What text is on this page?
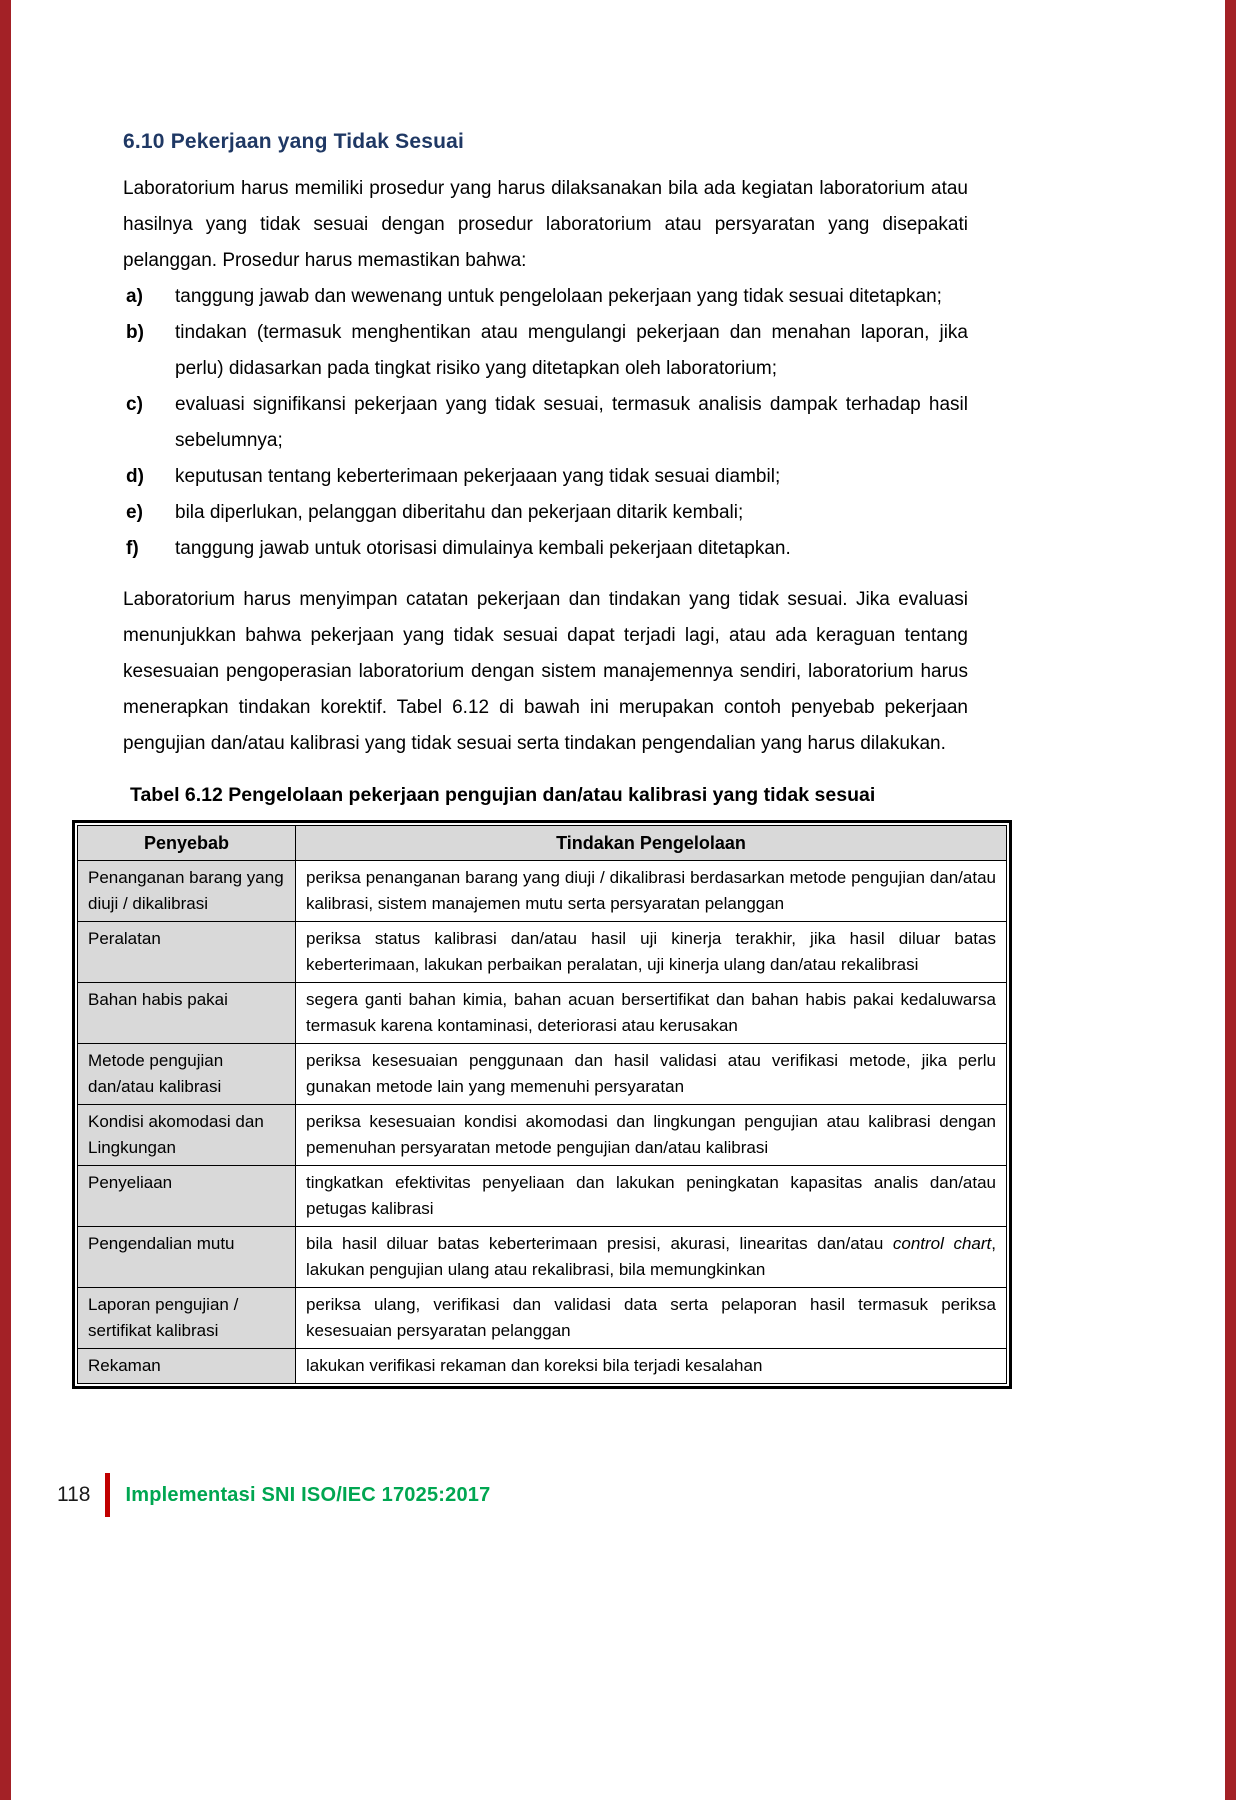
6.10 Pekerjaan yang Tidak Sesuai

Laboratorium harus memiliki prosedur yang harus dilaksanakan bila ada kegiatan laboratorium atau hasilnya yang tidak sesuai dengan prosedur laboratorium atau persyaratan yang disepakati pelanggan. Prosedur harus memastikan bahwa:

a) tanggung jawab dan wewenang untuk pengelolaan pekerjaan yang tidak sesuai ditetapkan;
b) tindakan (termasuk menghentikan atau mengulangi pekerjaan dan menahan laporan, jika perlu) didasarkan pada tingkat risiko yang ditetapkan oleh laboratorium;
c) evaluasi signifikansi pekerjaan yang tidak sesuai, termasuk analisis dampak terhadap hasil sebelumnya;
d) keputusan tentang keberterimaan pekerjaaan yang tidak sesuai diambil;
e) bila diperlukan, pelanggan diberitahu dan pekerjaan ditarik kembali;
f) tanggung jawab untuk otorisasi dimulainya kembali pekerjaan ditetapkan.

Laboratorium harus menyimpan catatan pekerjaan dan tindakan yang tidak sesuai. Jika evaluasi menunjukkan bahwa pekerjaan yang tidak sesuai dapat terjadi lagi, atau ada keraguan tentang kesesuaian pengoperasian laboratorium dengan sistem manajemennya sendiri, laboratorium harus menerapkan tindakan korektif. Tabel 6.12 di bawah ini merupakan contoh penyebab pekerjaan pengujian dan/atau kalibrasi yang tidak sesuai serta tindakan pengendalian yang harus dilakukan.

Tabel 6.12 Pengelolaan pekerjaan pengujian dan/atau kalibrasi yang tidak sesuai

Penyebab	Tindakan Pengelolaan
Penanganan barang yang diuji / dikalibrasi	periksa penanganan barang yang diuji / dikalibrasi berdasarkan metode pengujian dan/atau kalibrasi, sistem manajemen mutu serta persyaratan pelanggan
Peralatan	periksa status kalibrasi dan/atau hasil uji kinerja terakhir, jika hasil diluar batas keberterimaan, lakukan perbaikan peralatan, uji kinerja ulang dan/atau rekalibrasi
Bahan habis pakai	segera ganti bahan kimia, bahan acuan bersertifikat dan bahan habis pakai kedaluwarsa termasuk karena kontaminasi, deteriorasi atau kerusakan
Metode pengujian dan/atau kalibrasi	periksa kesesuaian penggunaan dan hasil validasi atau verifikasi metode, jika perlu gunakan metode lain yang memenuhi persyaratan
Kondisi akomodasi dan Lingkungan	periksa kesesuaian kondisi akomodasi dan lingkungan pengujian atau kalibrasi dengan pemenuhan persyaratan metode pengujian dan/atau kalibrasi
Penyeliaan	tingkatkan efektivitas penyeliaan dan lakukan peningkatan kapasitas analis dan/atau petugas kalibrasi
Pengendalian mutu	bila hasil diluar batas keberterimaan presisi, akurasi, linearitas dan/atau control chart, lakukan pengujian ulang atau rekalibrasi, bila memungkinkan
Laporan pengujian / sertifikat kalibrasi	periksa ulang, verifikasi dan validasi data serta pelaporan hasil termasuk periksa kesesuaian persyaratan pelanggan
Rekaman	lakukan verifikasi rekaman dan koreksi bila terjadi kesalahan
118 Implementasi SNI ISO/IEC 17025:2017
